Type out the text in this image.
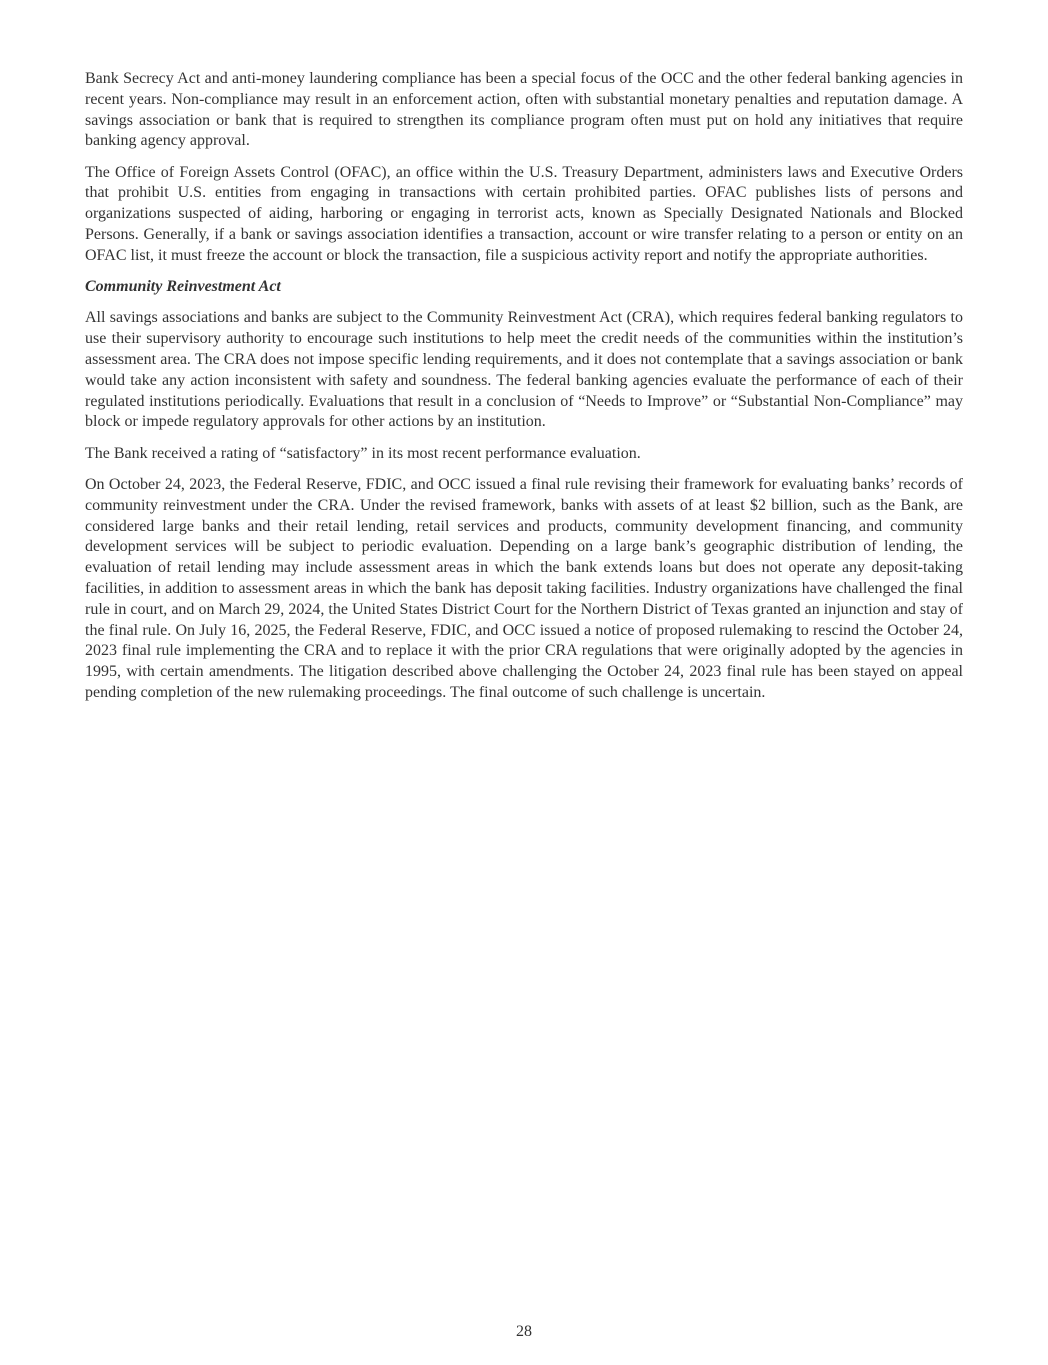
Bank Secrecy Act and anti-money laundering compliance has been a special focus of the OCC and the other federal banking agencies in recent years. Non-compliance may result in an enforcement action, often with substantial monetary penalties and reputation damage. A savings association or bank that is required to strengthen its compliance program often must put on hold any initiatives that require banking agency approval.

The Office of Foreign Assets Control (OFAC), an office within the U.S. Treasury Department, administers laws and Executive Orders that prohibit U.S. entities from engaging in transactions with certain prohibited parties. OFAC publishes lists of persons and organizations suspected of aiding, harboring or engaging in terrorist acts, known as Specially Designated Nationals and Blocked Persons. Generally, if a bank or savings association identifies a transaction, account or wire transfer relating to a person or entity on an OFAC list, it must freeze the account or block the transaction, file a suspicious activity report and notify the appropriate authorities.

Community Reinvestment Act

All savings associations and banks are subject to the Community Reinvestment Act (CRA), which requires federal banking regulators to use their supervisory authority to encourage such institutions to help meet the credit needs of the communities within the institution’s assessment area. The CRA does not impose specific lending requirements, and it does not contemplate that a savings association or bank would take any action inconsistent with safety and soundness. The federal banking agencies evaluate the performance of each of their regulated institutions periodically. Evaluations that result in a conclusion of “Needs to Improve” or “Substantial Non-Compliance” may block or impede regulatory approvals for other actions by an institution.

The Bank received a rating of “satisfactory” in its most recent performance evaluation.

On October 24, 2023, the Federal Reserve, FDIC, and OCC issued a final rule revising their framework for evaluating banks’ records of community reinvestment under the CRA. Under the revised framework, banks with assets of at least $2 billion, such as the Bank, are considered large banks and their retail lending, retail services and products, community development financing, and community development services will be subject to periodic evaluation. Depending on a large bank’s geographic distribution of lending, the evaluation of retail lending may include assessment areas in which the bank extends loans but does not operate any deposit-taking facilities, in addition to assessment areas in which the bank has deposit taking facilities. Industry organizations have challenged the final rule in court, and on March 29, 2024, the United States District Court for the Northern District of Texas granted an injunction and stay of the final rule. On July 16, 2025, the Federal Reserve, FDIC, and OCC issued a notice of proposed rulemaking to rescind the October 24, 2023 final rule implementing the CRA and to replace it with the prior CRA regulations that were originally adopted by the agencies in 1995, with certain amendments. The litigation described above challenging the October 24, 2023 final rule has been stayed on appeal pending completion of the new rulemaking proceedings. The final outcome of such challenge is uncertain.

28
